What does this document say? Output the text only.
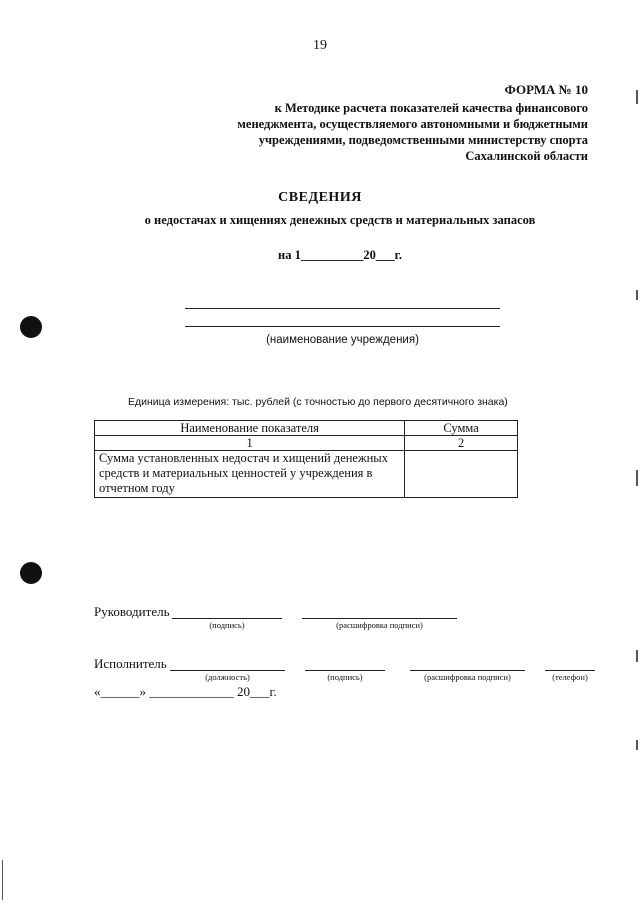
19
ФОРМА № 10
к Методике расчета показателей качества финансового менеджмента, осуществляемого автономными и бюджетными учреждениями, подведомственными министерству спорта Сахалинской области
СВЕДЕНИЯ
о недостачах и хищениях денежных средств и материальных запасов
на 1__________20___г.
(наименование учреждения)
Единица измерения: тыс. рублей (с точностью до первого десятичного знака)
Наименование показателя	Сумма
1	2
Сумма установленных недостач и хищений денежных средств и материальных ценностей у учреждения в отчетном году	
Руководитель
(подпись)	(расшифровка подписи)
Исполнитель
(должность)	(подпись)	(расшифровка подписи)	(телефон)
«______» _____________ 20___г.
